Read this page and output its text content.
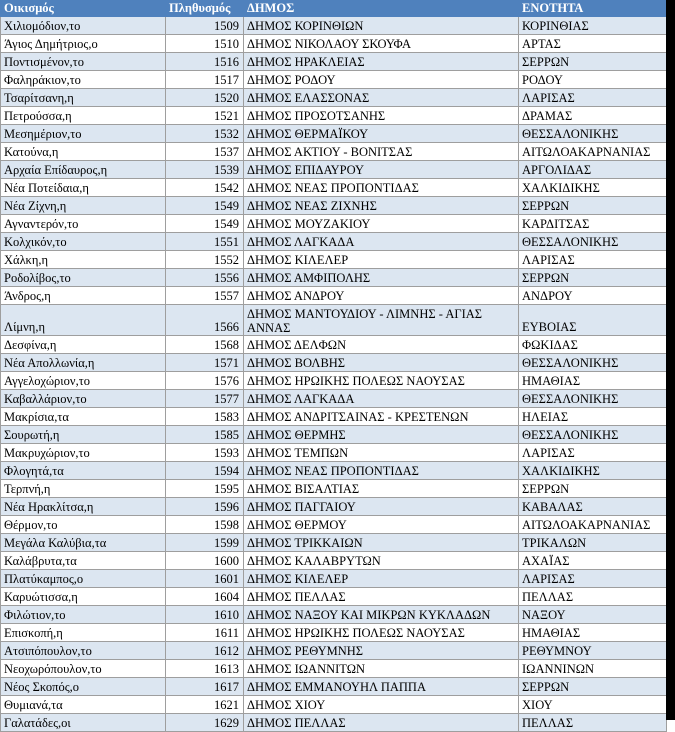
Οικισμός	Πληθυσμός	ΔΗΜΟΣ	ΕΝΟΤΗΤΑ
Χιλιομόδιον,το	1509	ΔΗΜΟΣ ΚΟΡΙΝΘΙΩΝ	ΚΟΡΙΝΘΙΑΣ
Άγιος Δημήτριος,ο	1510	ΔΗΜΟΣ ΝΙΚΟΛΑΟΥ ΣΚΟΥΦΑ	ΑΡΤΑΣ
Ποντισμένον,το	1516	ΔΗΜΟΣ ΗΡΑΚΛΕΙΑΣ	ΣΕΡΡΩΝ
Φαληράκιον,το	1517	ΔΗΜΟΣ ΡΟΔΟΥ	ΡΟΔΟΥ
Τσαρίτσανη,η	1520	ΔΗΜΟΣ ΕΛΑΣΣΟΝΑΣ	ΛΑΡΙΣΑΣ
Πετρούσσα,η	1521	ΔΗΜΟΣ ΠΡΟΣΟΤΣΑΝΗΣ	ΔΡΑΜΑΣ
Μεσημέριον,το	1532	ΔΗΜΟΣ ΘΕΡΜΑΪΚΟΥ	ΘΕΣΣΑΛΟΝΙΚΗΣ
Κατούνα,η	1537	ΔΗΜΟΣ ΑΚΤΙΟΥ - ΒΟΝΙΤΣΑΣ	ΑΙΤΩΛΟΑΚΑΡΝΑΝΙΑΣ
Αρχαία Επίδαυρος,η	1539	ΔΗΜΟΣ ΕΠΙΔΑΥΡΟΥ	ΑΡΓΟΛΙΔΑΣ
Νέα Ποτείδαια,η	1542	ΔΗΜΟΣ ΝΕΑΣ ΠΡΟΠΟΝΤΙΔΑΣ	ΧΑΛΚΙΔΙΚΗΣ
Νέα Ζίχνη,η	1549	ΔΗΜΟΣ ΝΕΑΣ ΖΙΧΝΗΣ	ΣΕΡΡΩΝ
Αγναντερόν,το	1549	ΔΗΜΟΣ ΜΟΥΖΑΚΙΟΥ	ΚΑΡΔΙΤΣΑΣ
Κολχικόν,το	1551	ΔΗΜΟΣ ΛΑΓΚΑΔΑ	ΘΕΣΣΑΛΟΝΙΚΗΣ
Χάλκη,η	1552	ΔΗΜΟΣ ΚΙΛΕΛΕΡ	ΛΑΡΙΣΑΣ
Ροδολίβος,το	1556	ΔΗΜΟΣ ΑΜΦΙΠΟΛΗΣ	ΣΕΡΡΩΝ
Άνδρος,η	1557	ΔΗΜΟΣ ΑΝΔΡΟΥ	ΑΝΔΡΟΥ
Λίμνη,η	1566	ΔΗΜΟΣ ΜΑΝΤΟΥΔΙΟΥ - ΛΙΜΝΗΣ - ΑΓΙΑΣ ΑΝΝΑΣ	ΕΥΒΟΙΑΣ
Δεσφίνα,η	1568	ΔΗΜΟΣ ΔΕΛΦΩΝ	ΦΩΚΙΔΑΣ
Νέα Απολλωνία,η	1571	ΔΗΜΟΣ ΒΟΛΒΗΣ	ΘΕΣΣΑΛΟΝΙΚΗΣ
Αγγελοχώριον,το	1576	ΔΗΜΟΣ ΗΡΩΙΚΗΣ ΠΟΛΕΩΣ ΝΑΟΥΣΑΣ	ΗΜΑΘΙΑΣ
Καβαλλάριον,το	1577	ΔΗΜΟΣ ΛΑΓΚΑΔΑ	ΘΕΣΣΑΛΟΝΙΚΗΣ
Μακρίσια,τα	1583	ΔΗΜΟΣ ΑΝΔΡΙΤΣΑΙΝΑΣ - ΚΡΕΣΤΕΝΩΝ	ΗΛΕΙΑΣ
Σουρωτή,η	1585	ΔΗΜΟΣ ΘΕΡΜΗΣ	ΘΕΣΣΑΛΟΝΙΚΗΣ
Μακρυχώριον,το	1593	ΔΗΜΟΣ ΤΕΜΠΩΝ	ΛΑΡΙΣΑΣ
Φλογητά,τα	1594	ΔΗΜΟΣ ΝΕΑΣ ΠΡΟΠΟΝΤΙΔΑΣ	ΧΑΛΚΙΔΙΚΗΣ
Τερπνή,η	1595	ΔΗΜΟΣ ΒΙΣΑΛΤΙΑΣ	ΣΕΡΡΩΝ
Νέα Ηρακλίτσα,η	1596	ΔΗΜΟΣ ΠΑΓΓΑΙΟΥ	ΚΑΒΑΛΑΣ
Θέρμον,το	1598	ΔΗΜΟΣ ΘΕΡΜΟΥ	ΑΙΤΩΛΟΑΚΑΡΝΑΝΙΑΣ
Μεγάλα Καλύβια,τα	1599	ΔΗΜΟΣ ΤΡΙΚΚΑΙΩΝ	ΤΡΙΚΑΛΩΝ
Καλάβρυτα,τα	1600	ΔΗΜΟΣ ΚΑΛΑΒΡΥΤΩΝ	ΑΧΑΪΑΣ
Πλατύκαμπος,ο	1601	ΔΗΜΟΣ ΚΙΛΕΛΕΡ	ΛΑΡΙΣΑΣ
Καρυώτισσα,η	1604	ΔΗΜΟΣ ΠΕΛΛΑΣ	ΠΕΛΛΑΣ
Φιλώτιον,το	1610	ΔΗΜΟΣ ΝΑΞΟΥ ΚΑΙ ΜΙΚΡΩΝ ΚΥΚΛΑΔΩΝ	ΝΑΞΟΥ
Επισκοπή,η	1611	ΔΗΜΟΣ ΗΡΩΙΚΗΣ ΠΟΛΕΩΣ ΝΑΟΥΣΑΣ	ΗΜΑΘΙΑΣ
Ατσιπόπουλον,το	1612	ΔΗΜΟΣ ΡΕΘΥΜΝΗΣ	ΡΕΘΥΜΝΟΥ
Νεοχωρόπουλον,το	1613	ΔΗΜΟΣ ΙΩΑΝΝΙΤΩΝ	ΙΩΑΝΝΙΝΩΝ
Νέος Σκοπός,ο	1617	ΔΗΜΟΣ ΕΜΜΑΝΟΥΗΛ ΠΑΠΠΑ	ΣΕΡΡΩΝ
Θυμιανά,τα	1621	ΔΗΜΟΣ ΧΙΟΥ	ΧΙΟΥ
Γαλατάδες,οι	1629	ΔΗΜΟΣ ΠΕΛΛΑΣ	ΠΕΛΛΑΣ
